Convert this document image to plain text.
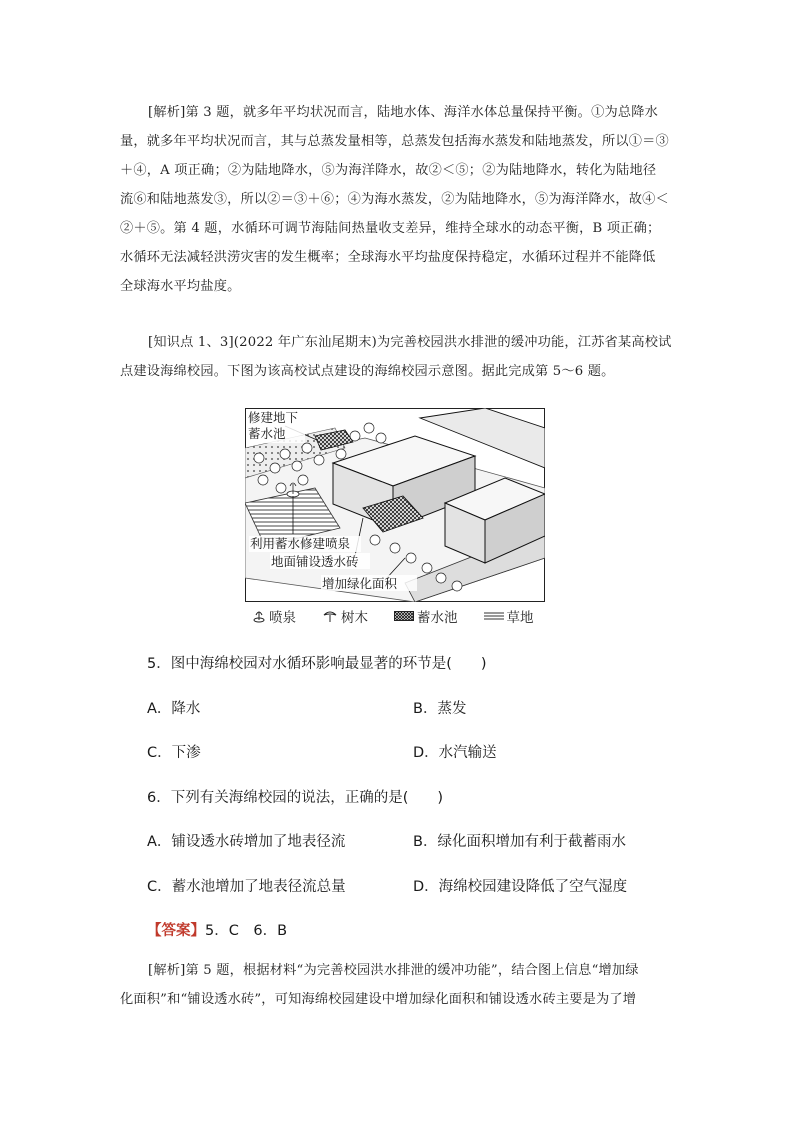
[解析]第 3 题，就多年平均状况而言，陆地水体、海洋水体总量保持平衡。①为总降水
量，就多年平均状况而言，其与总蒸发量相等，总蒸发包括海水蒸发和陆地蒸发，所以①＝③
＋④，A 项正确；②为陆地降水，⑤为海洋降水，故②＜⑤；②为陆地降水，转化为陆地径
流⑥和陆地蒸发③，所以②＝③＋⑥；④为海水蒸发，②为陆地降水，⑤为海洋降水，故④＜
②＋⑤。第 4 题，水循环可调节海陆间热量收支差异，维持全球水的动态平衡，B 项正确；
水循环无法减轻洪涝灾害的发生概率；全球海水平均盐度保持稳定，水循环过程并不能降低
全球海水平均盐度。
[知识点 1、3](2022 年广东汕尾期末)为完善校园洪水排泄的缓冲功能，江苏省某高校试
点建设海绵校园。下图为该高校试点建设的海绵校园示意图。据此完成第 5～6 题。
修建地下
蓄水池
利用蓄水修建喷泉
地面铺设透水砖
增加绿化面积
喷泉	树木	蓄水池	草地
5．图中海绵校园对水循环影响最显著的环节是(　　)
A．降水	B．蒸发
C．下渗	D．水汽输送
6．下列有关海绵校园的说法，正确的是(　　)
A．铺设透水砖增加了地表径流	B．绿化面积增加有利于截蓄雨水
C．蓄水池增加了地表径流总量	D．海绵校园建设降低了空气湿度
【答案】5．C　6．B
[解析]第 5 题，根据材料“为完善校园洪水排泄的缓冲功能”，结合图上信息“增加绿
化面积”和“铺设透水砖”，可知海绵校园建设中增加绿化面积和铺设透水砖主要是为了增
